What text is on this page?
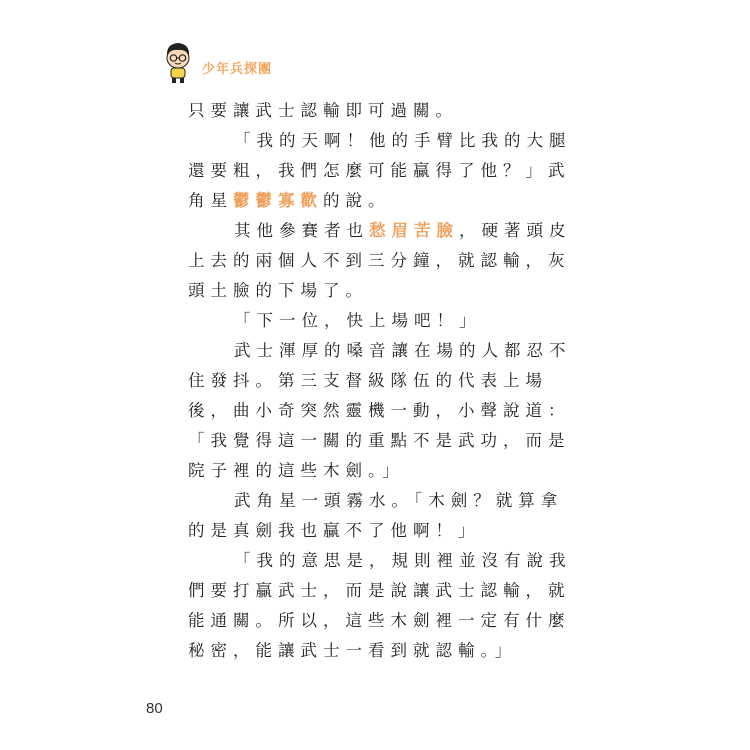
少年兵探團

只要讓武士認輸即可過關。

「我的天啊！他的手臂比我的大腿還要粗，我們怎麼可能贏得了他？」武角星鬱鬱寡歡的說。

其他參賽者也愁眉苦臉，硬著頭皮上去的兩個人不到三分鐘，就認輸，灰頭土臉的下場了。

「下一位，快上場吧！」

武士渾厚的嗓音讓在場的人都忍不住發抖。第三支督級隊伍的代表上場後，曲小奇突然靈機一動，小聲說道：「我覺得這一關的重點不是武功，而是院子裡的這些木劍。」

武角星一頭霧水。「木劍？就算拿的是真劍我也贏不了他啊！」

「我的意思是，規則裡並沒有說我們要打贏武士，而是說讓武士認輸，就能通關。所以，這些木劍裡一定有什麼秘密，能讓武士一看到就認輸。」

80
